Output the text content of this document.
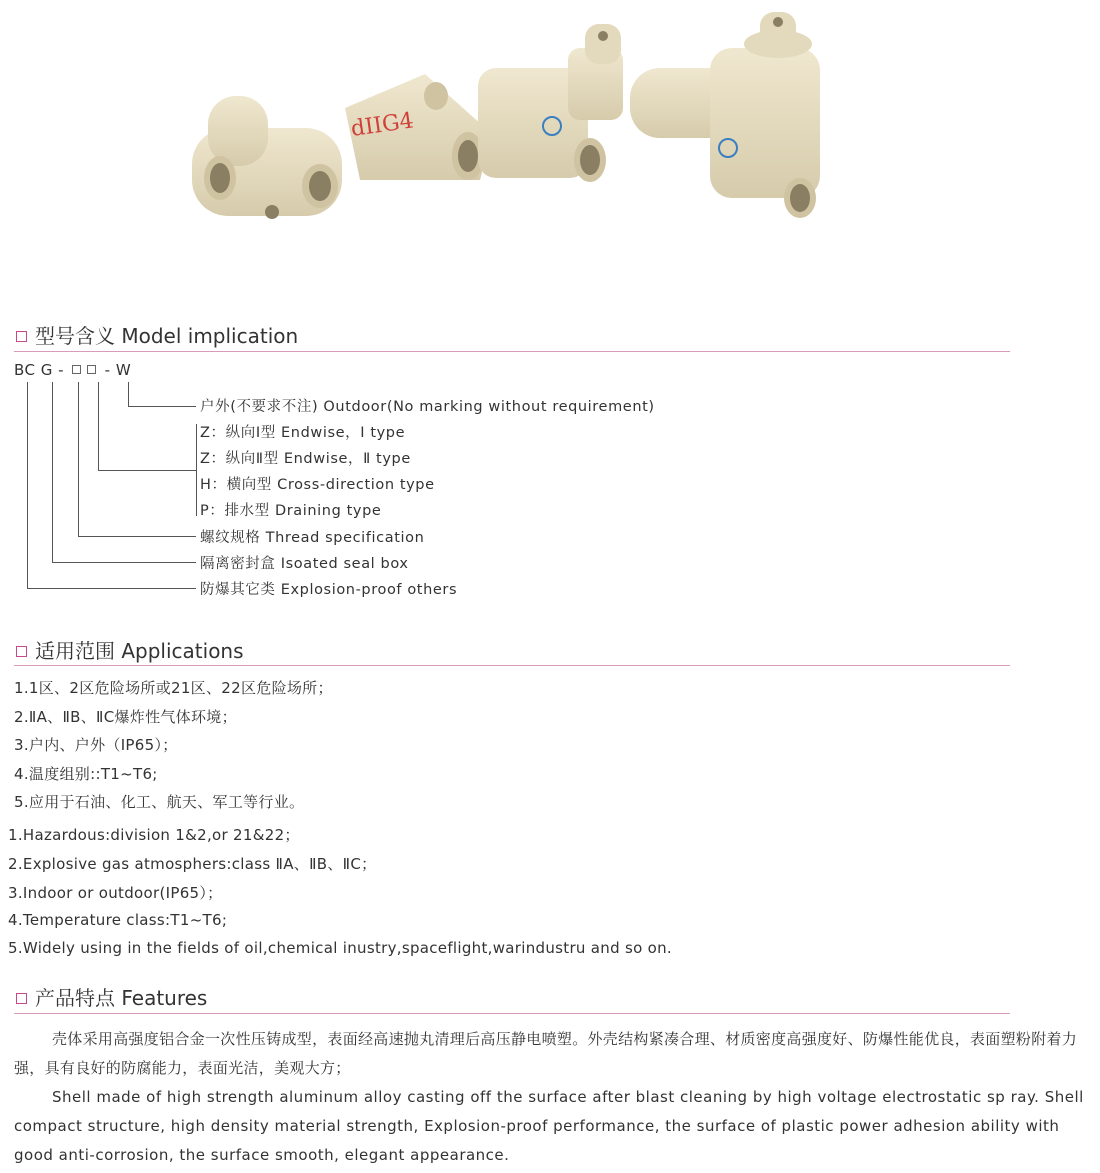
dIIG4
型号含义 Model implication
BC G -	- W
户外(不要求不注) Outdoor(No marking without requirement)
Z：纵向Ⅰ型 Endwise，Ⅰ type
Z：纵向Ⅱ型 Endwise，Ⅱ type
H：横向型 Cross-direction type
P：排水型 Draining type
螺纹规格 Thread specification
隔离密封盒 Isoated seal box
防爆其它类 Explosion-proof others
适用范围 Applications
1.1区、2区危险场所或21区、22区危险场所；
2.ⅡA、ⅡB、ⅡC爆炸性气体环境；
3.户内、户外（IP65）；
4.温度组别::T1~T6;
5.应用于石油、化工、航天、军工等行业。
1.Hazardous:division 1&2,or 21&22；
2.Explosive gas atmosphers:class ⅡA、ⅡB、ⅡC；
3.Indoor or outdoor(IP65）；
4.Temperature class:T1~T6;
5.Widely using in the fields of oil,chemical inustry,spaceflight,warindustru and so on.
产品特点 Features
壳体采用高强度铝合金一次性压铸成型，表面经高速抛丸清理后高压静电喷塑。外壳结构紧凑合理、材质密度高强度好、防爆性能优良，表面塑粉附着力强，具有良好的防腐能力，表面光洁，美观大方；
Shell made of high strength aluminum alloy casting off the surface after blast cleaning by high voltage electrostatic sp ray. Shell compact structure, high density material strength, Explosion-proof performance, the surface of plastic power adhesion ability with good anti-corrosion, the surface smooth, elegant appearance.
